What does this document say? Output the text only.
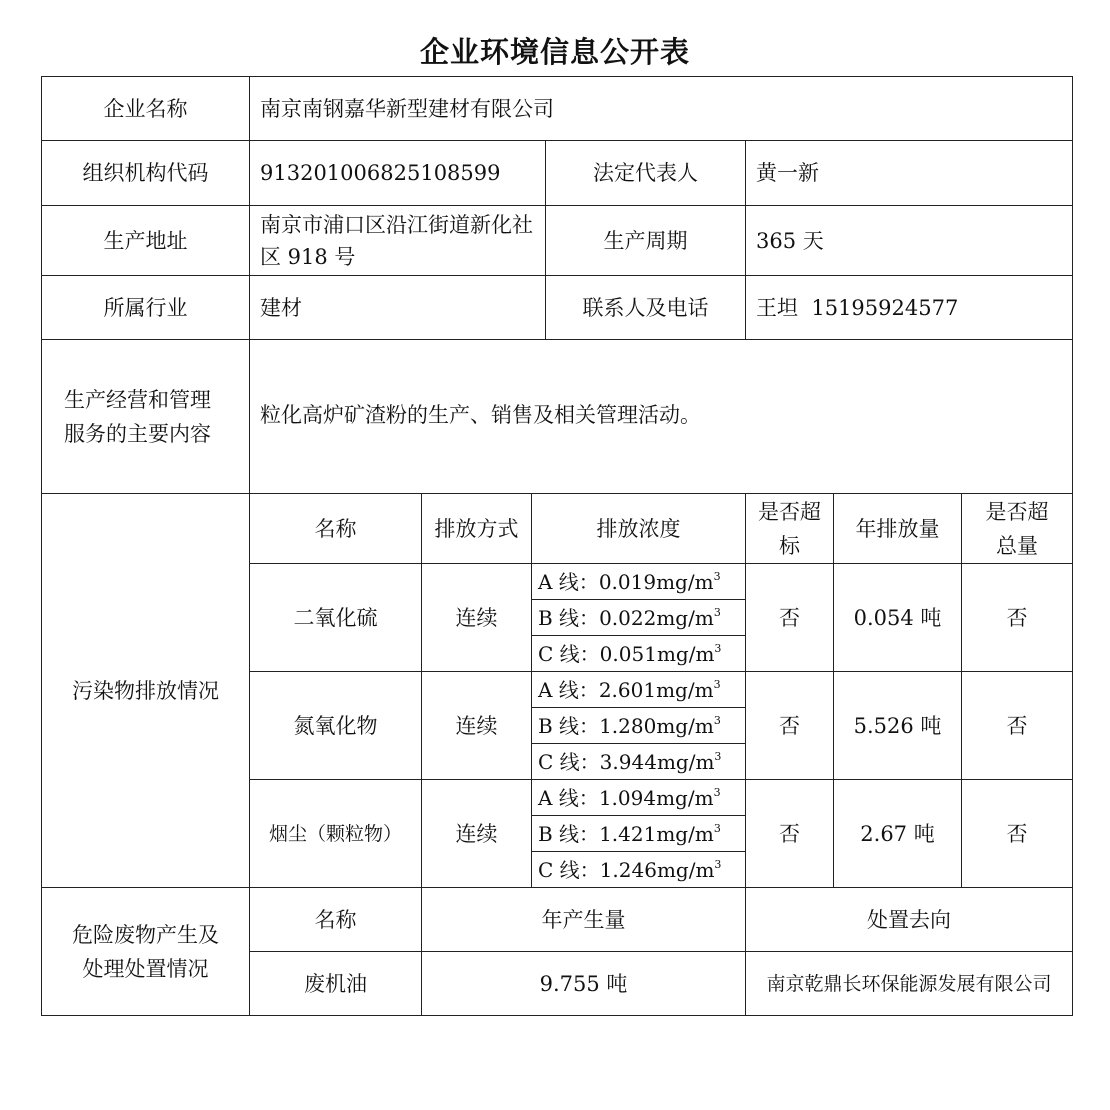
企业环境信息公开表
企业名称	南京南钢嘉华新型建材有限公司						
组织机构代码	913201006825108599			法定代表人	黄一新		
生产地址	南京市浦口区沿江街道新化社区 918 号			生产周期	365 天		
所属行业	建材			联系人及电话	王坦  15195924577		
生产经营和管理服务的主要内容	粒化高炉矿渣粉的生产、销售及相关管理活动。						
污染物排放情况	名称	排放方式	排放浓度		是否超标	年排放量	是否超总量
	二氧化硫	连续	A 线：$0.019mg/m^3$		否	0.054 吨	否
			B 线：$0.022mg/m^3$
			C 线：$0.051mg/m^3$
	氮氧化物	连续	A 线：$2.601mg/m^3$		否	5.526 吨	否
			B 线：$1.280mg/m^3$
			C 线：$3.944mg/m^3$
	烟尘（颗粒物）	连续	A 线：$1.094mg/m^3$		否	2.67 吨	否
			B 线：$1.421mg/m^3$
			C 线：$1.246mg/m^3$
危险废物产生及处理处置情况	名称	年产生量			处置去向		
	废机油	9.755 吨			南京乾鼎长环保能源发展有限公司		
